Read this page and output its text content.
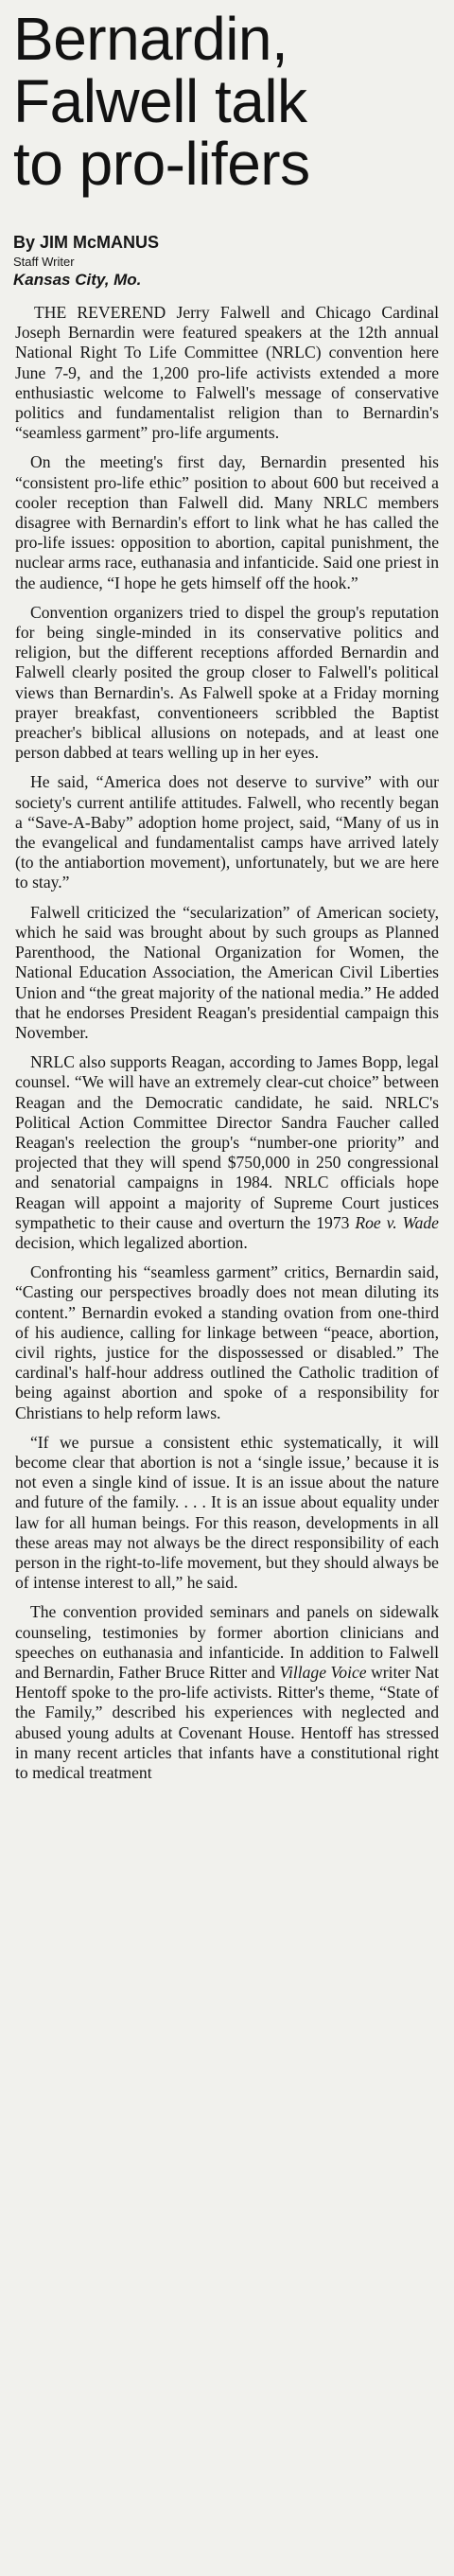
Bernardin,
Falwell talk
to pro-lifers
By JIM McMANUS
Staff Writer
Kansas City, Mo.

THE REVEREND Jerry Falwell and Chicago Cardinal Joseph Bernardin were featured speakers at the 12th annual National Right To Life Committee (NRLC) convention here June 7-9, and the 1,200 pro-life activists extended a more enthusiastic welcome to Falwell's message of conservative politics and fundamentalist religion than to Bernardin's “seamless garment” pro-life arguments.

On the meeting's first day, Bernardin presented his “consistent pro-life ethic” position to about 600 but received a cooler reception than Falwell did. Many NRLC members disagree with Bernardin's effort to link what he has called the pro-life issues: opposition to abortion, capital punishment, the nuclear arms race, euthanasia and infanticide. Said one priest in the audience, “I hope he gets himself off the hook.”

Convention organizers tried to dispel the group's reputation for being single-minded in its conservative politics and religion, but the different receptions afforded Bernardin and Falwell clearly posited the group closer to Falwell's political views than Bernardin's. As Falwell spoke at a Friday morning prayer breakfast, conventioneers scribbled the Baptist preacher's biblical allusions on notepads, and at least one person dabbed at tears welling up in her eyes.

He said, “America does not deserve to survive” with our society's current antilife attitudes. Falwell, who recently began a “Save-A-Baby” adoption home project, said, “Many of us in the evangelical and fundamentalist camps have arrived lately (to the antiabortion movement), unfortunately, but we are here to stay.”

Falwell criticized the “secularization” of American society, which he said was brought about by such groups as Planned Parenthood, the National Organization for Women, the National Education Association, the American Civil Liberties Union and “the great majority of the national media.” He added that he endorses President Reagan's presidential campaign this November.

NRLC also supports Reagan, according to James Bopp, legal counsel. “We will have an extremely clear-cut choice” between Reagan and the Democratic candidate, he said. NRLC's Political Action Committee Director Sandra Faucher called Reagan's reelection the group's “number-one priority” and projected that they will spend $750,000 in 250 congressional and senatorial campaigns in 1984. NRLC officials hope Reagan will appoint a majority of Supreme Court justices sympathetic to their cause and overturn the 1973 Roe v. Wade decision, which legalized abortion.

Confronting his “seamless garment” critics, Bernardin said, “Casting our perspectives broadly does not mean diluting its content.” Bernardin evoked a standing ovation from one-third of his audience, calling for linkage between “peace, abortion, civil rights, justice for the dispossessed or disabled.” The cardinal's half-hour address outlined the Catholic tradition of being against abortion and spoke of a responsibility for Christians to help reform laws.

“If we pursue a consistent ethic systematically, it will become clear that abortion is not a ‘single issue,’ because it is not even a single kind of issue. It is an issue about the nature and future of the family. . . . It is an issue about equality under law for all human beings. For this reason, developments in all these areas may not always be the direct responsibility of each person in the right-to-life movement, but they should always be of intense interest to all,” he said.

The convention provided seminars and panels on sidewalk counseling, testimonies by former abortion clinicians and speeches on euthanasia and infanticide. In addition to Falwell and Bernardin, Father Bruce Ritter and Village Voice writer Nat Hentoff spoke to the pro-life activists. Ritter's theme, “State of the Family,” described his experiences with neglected and abused young adults at Covenant House. Hentoff has stressed in many recent articles that infants have a constitutional right to medical treatment
